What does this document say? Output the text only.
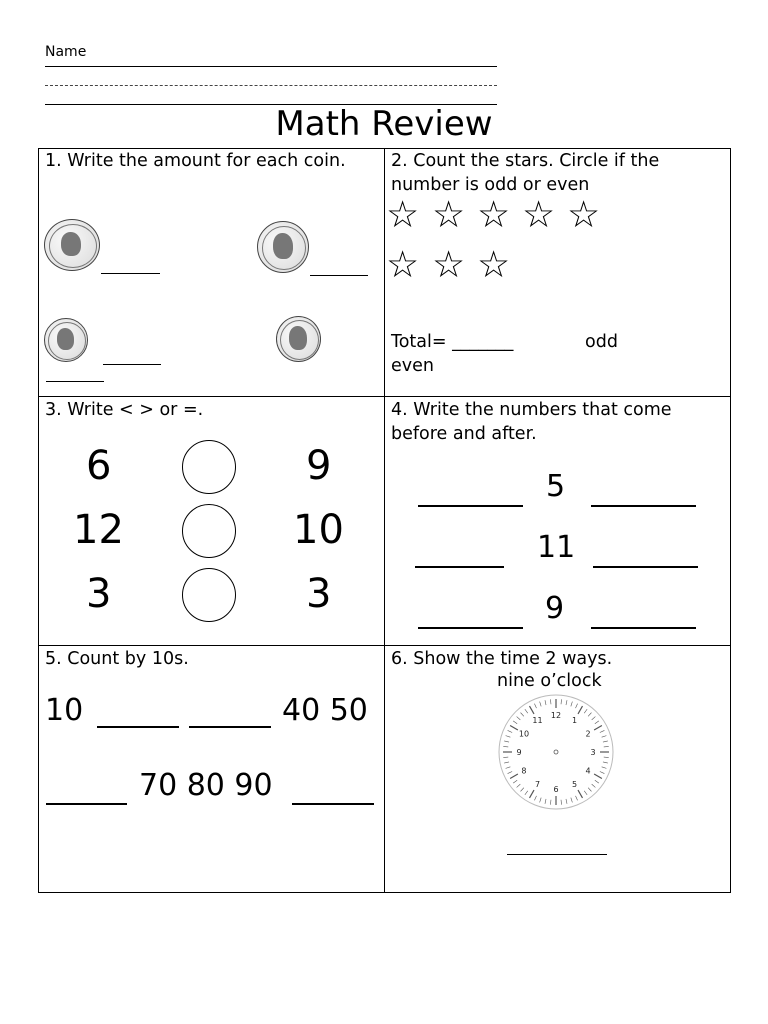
Name
Math Review
1. Write the amount for each coin.	2. Count the stars. Circle if the number is odd or even
☆ ☆ ☆ ☆ ☆
☆ ☆ ☆
Total= _______	odd
even
3. Write < > or =.
6	9
12	10
3	3
4. Write the numbers that come before and after.
5
11
9
5. Count by 10s.
10	40 50
70 80 90
6. Show the time 2 ways.
nine o’clock
12
1
2
3
4
5
6
7
8
9
10
11
